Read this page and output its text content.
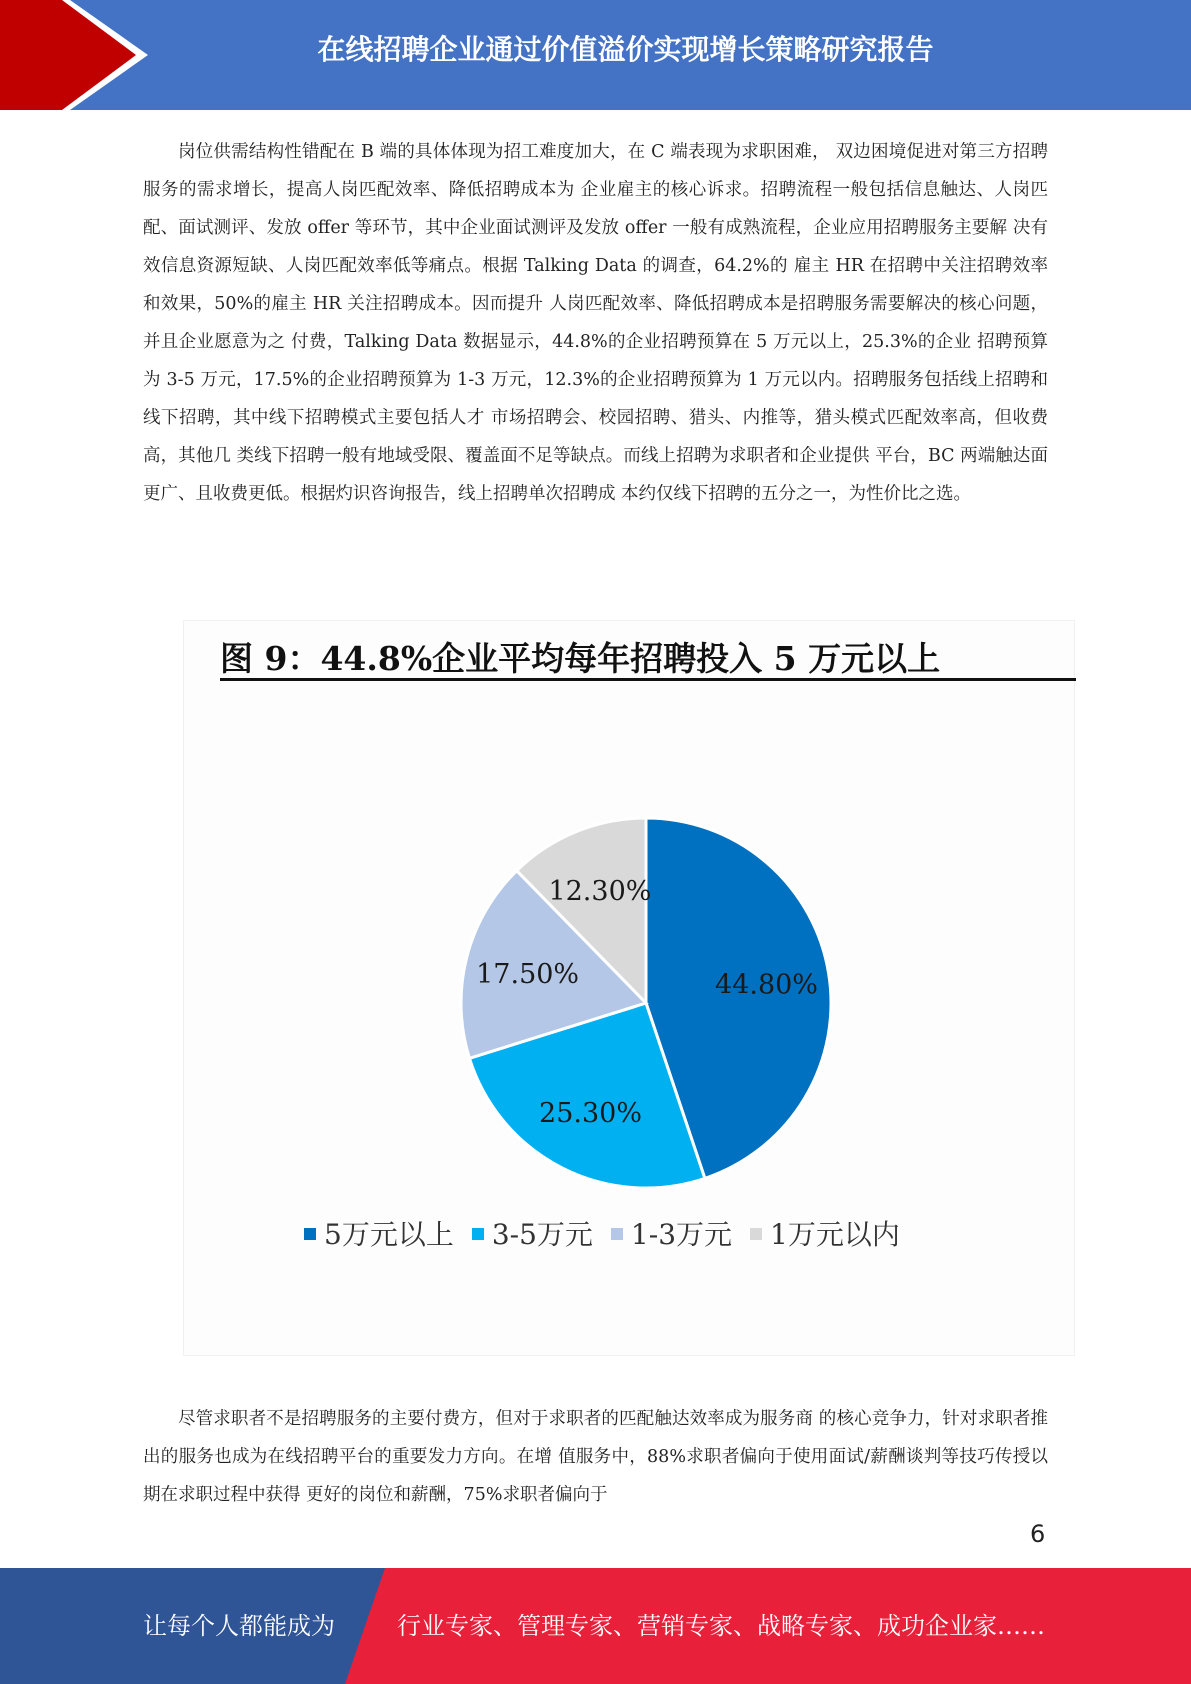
在线招聘企业通过价值溢价实现增长策略研究报告

岗位供需结构性错配在 B 端的具体体现为招工难度加大，在 C 端表现为求职困难， 双边困境促进对第三方招聘服务的需求增长，提高人岗匹配效率、降低招聘成本为 企业雇主的核心诉求。招聘流程一般包括信息触达、人岗匹配、面试测评、发放 offer 等环节，其中企业面试测评及发放 offer 一般有成熟流程，企业应用招聘服务主要解 决有效信息资源短缺、人岗匹配效率低等痛点。根据 Talking Data 的调查，64.2%的 雇主 HR 在招聘中关注招聘效率和效果，50%的雇主 HR 关注招聘成本。因而提升 人岗匹配效率、降低招聘成本是招聘服务需要解决的核心问题，并且企业愿意为之 付费，Talking Data 数据显示，44.8%的企业招聘预算在 5 万元以上，25.3%的企业 招聘预算为 3-5 万元，17.5%的企业招聘预算为 1-3 万元，12.3%的企业招聘预算为 1 万元以内。招聘服务包括线上招聘和线下招聘，其中线下招聘模式主要包括人才 市场招聘会、校园招聘、猎头、内推等，猎头模式匹配效率高，但收费高，其他几 类线下招聘一般有地域受限、覆盖面不足等缺点。而线上招聘为求职者和企业提供 平台，BC 两端触达面更广、且收费更低。根据灼识咨询报告，线上招聘单次招聘成 本约仅线下招聘的五分之一，为性价比之选。

图 9：44.8%企业平均每年招聘投入 5 万元以上
44.80%
25.30%
17.50%
12.30%
5万元以上 3-5万元 1-3万元 1万元以内

尽管求职者不是招聘服务的主要付费方，但对于求职者的匹配触达效率成为服务商 的核心竞争力，针对求职者推出的服务也成为在线招聘平台的重要发力方向。在增 值服务中，88%求职者偏向于使用面试/薪酬谈判等技巧传授以期在求职过程中获得 更好的岗位和薪酬，75%求职者偏向于

6
让每个人都能成为	行业专家、管理专家、营销专家、战略专家、成功企业家……
